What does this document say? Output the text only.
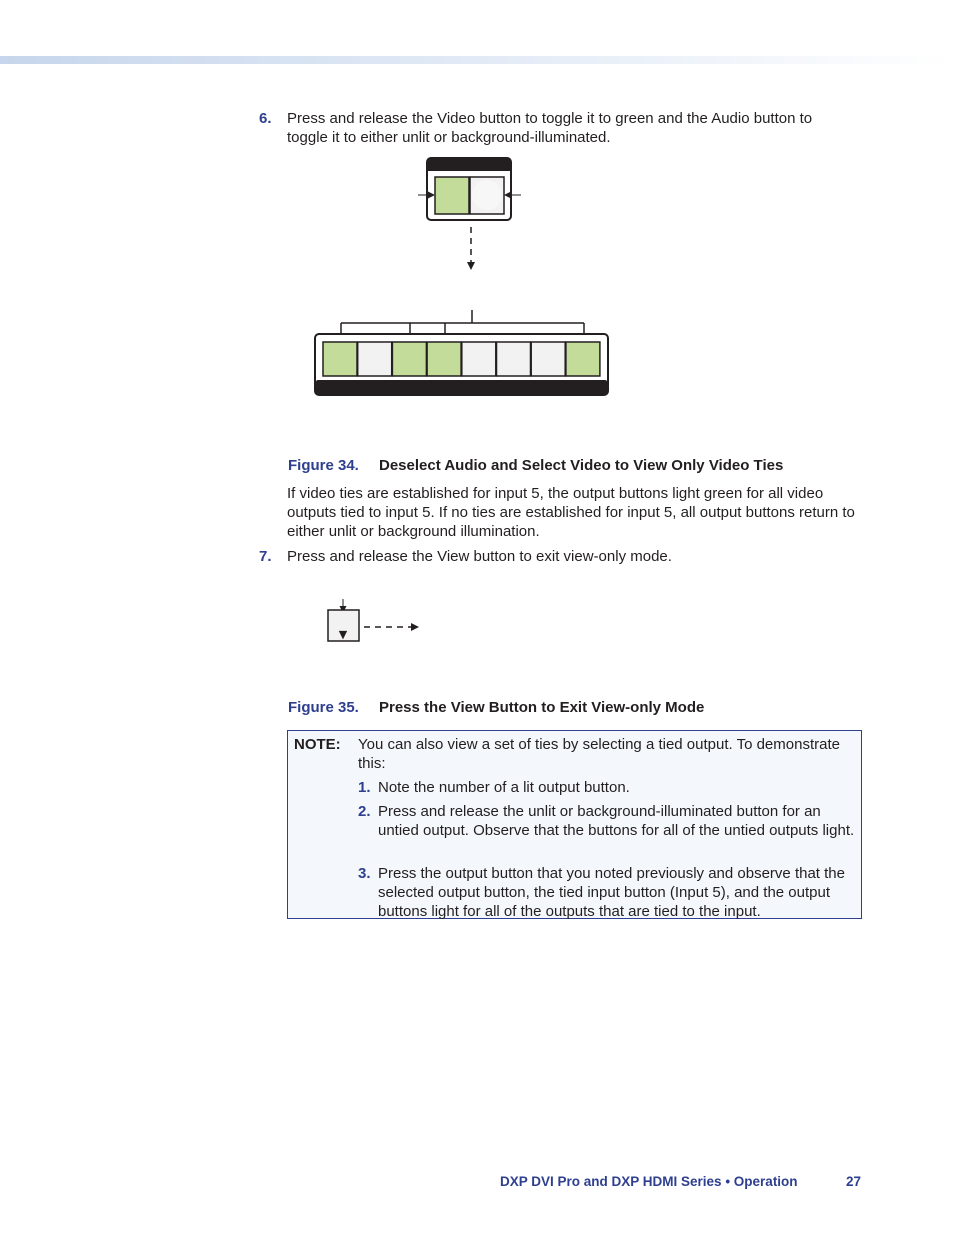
6. Press and release the Video button to toggle it to green and the Audio button to toggle it to either unlit or background-illuminated.
Figure 34. Deselect Audio and Select Video to View Only Video Ties
If video ties are established for input 5, the output buttons light green for all video outputs tied to input 5. If no ties are established for input 5, all output buttons return to either unlit or background illumination.
7. Press and release the View button to exit view-only mode.
▼
Figure 35. Press the View Button to Exit View-only Mode
NOTE: You can also view a set of ties by selecting a tied output. To demonstrate this:
1. Note the number of a lit output button.
2. Press and release the unlit or background-illuminated button for an untied output. Observe that the buttons for all of the untied outputs light.
3. Press the output button that you noted previously and observe that the selected output button, the tied input button (Input 5), and the output buttons light for all of the outputs that are tied to the input.
DXP DVI Pro and DXP HDMI Series • Operation	27
